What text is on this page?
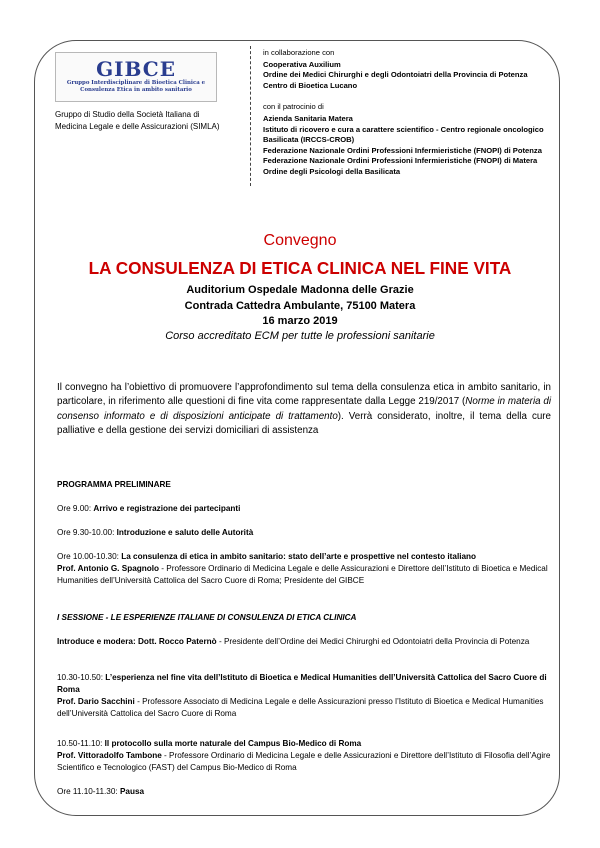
GIBCE
Gruppo Interdisciplinare di Bioetica Clinica e Consulenza Etica in ambito sanitario
Gruppo di Studio della Società Italiana di
Medicina Legale e delle Assicurazioni (SIMLA)
in collaborazione con
Cooperativa Auxilium
Ordine dei Medici Chirurghi e degli Odontoiatri della Provincia di Potenza
Centro di Bioetica Lucano
con il patrocinio di
Azienda Sanitaria Matera
Istituto di ricovero e cura a carattere scientifico - Centro regionale oncologico
Basilicata (IRCCS-CROB)
Federazione Nazionale Ordini Professioni Infermieristiche (FNOPI) di Potenza
Federazione Nazionale Ordini Professioni Infermieristiche (FNOPI) di Matera
Ordine degli Psicologi della Basilicata
Convegno
LA CONSULENZA DI ETICA CLINICA NEL FINE VITA
Auditorium Ospedale Madonna delle Grazie
Contrada Cattedra Ambulante, 75100 Matera
16 marzo 2019
Corso accreditato ECM per tutte le professioni sanitarie
Il convegno ha l’obiettivo di promuovere l’approfondimento sul tema della consulenza etica in ambito sanitario, in particolare, in riferimento alle questioni di fine vita come rappresentate dalla Legge 219/2017 (Norme in materia di consenso informato e di disposizioni anticipate di trattamento). Verrà considerato, inoltre, il tema della cure palliative e della gestione dei servizi domiciliari di assistenza
PROGRAMMA PRELIMINARE
Ore 9.00: Arrivo e registrazione dei partecipanti
Ore 9.30-10.00: Introduzione e saluto delle Autorità
Ore 10.00-10.30: La consulenza di etica in ambito sanitario: stato dell’arte e prospettive nel contesto italiano
Prof. Antonio G. Spagnolo - Professore Ordinario di Medicina Legale e delle Assicurazioni e Direttore dell’Istituto di Bioetica e Medical Humanities dell’Università Cattolica del Sacro Cuore di Roma; Presidente del GIBCE
I SESSIONE - LE ESPERIENZE ITALIANE DI CONSULENZA DI ETICA CLINICA
Introduce e modera: Dott. Rocco Paternò - Presidente dell’Ordine dei Medici Chirurghi ed Odontoiatri della Provincia di Potenza
10.30-10.50: L’esperienza nel fine vita dell’Istituto di Bioetica e Medical Humanities dell’Università Cattolica del Sacro Cuore di Roma
Prof. Dario Sacchini - Professore Associato di Medicina Legale e delle Assicurazioni presso l’Istituto di Bioetica e Medical Humanities dell’Università Cattolica del Sacro Cuore di Roma
10.50-11.10: Il protocollo sulla morte naturale del Campus Bio-Medico di Roma
Prof. Vittoradolfo Tambone - Professore Ordinario di Medicina Legale e delle Assicurazioni e Direttore dell’Istituto di Filosofia dell’Agire Scientifico e Tecnologico (FAST) del Campus Bio-Medico di Roma
Ore 11.10-11.30: Pausa
